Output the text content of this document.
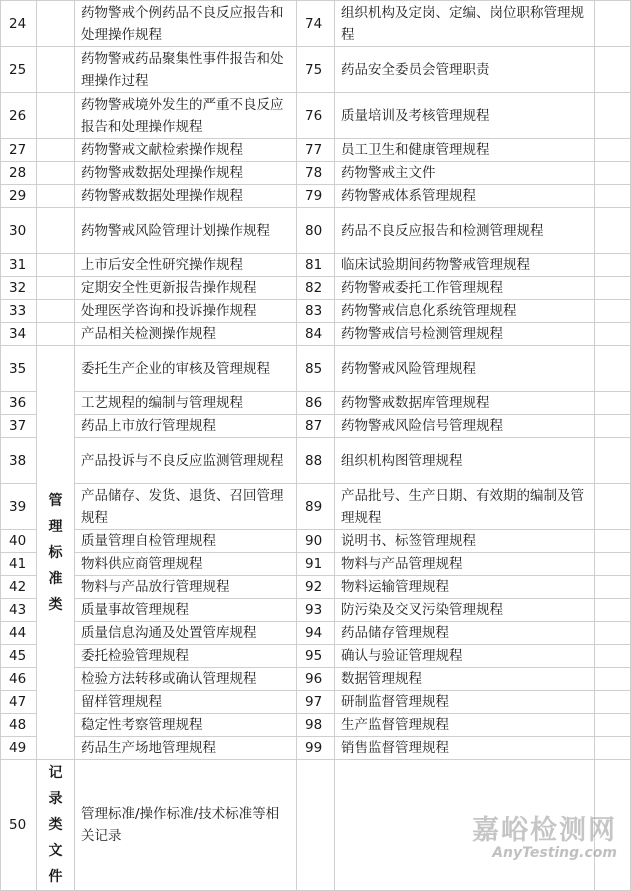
24		药物警戒个例药品不良反应报告和处理操作规程	74	组织机构及定岗、定编、岗位职称管理规程	
25		药物警戒药品聚集性事件报告和处理操作过程	75	药品安全委员会管理职责	
26		药物警戒境外发生的严重不良反应报告和处理操作规程	76	质量培训及考核管理规程	
27		药物警戒文献检索操作规程	77	员工卫生和健康管理规程	
28		药物警戒数据处理操作规程	78	药物警戒主文件	
29		药物警戒数据处理操作规程	79	药物警戒体系管理规程	
30		药物警戒风险管理计划操作规程	80	药品不良反应报告和检测管理规程	
31		上市后安全性研究操作规程	81	临床试验期间药物警戒管理规程	
32		定期安全性更新报告操作规程	82	药物警戒委托工作管理规程	
33		处理医学咨询和投诉操作规程	83	药物警戒信息化系统管理规程	
34		产品相关检测操作规程	84	药物警戒信号检测管理规程	
35	管理标准类	委托生产企业的审核及管理规程	85	药物警戒风险管理规程	
36		工艺规程的编制与管理规程	86	药物警戒数据库管理规程	
37		药品上市放行管理规程	87	药物警戒风险信号管理规程	
38		产品投诉与不良反应监测管理规程	88	组织机构图管理规程	
39		产品储存、发货、退货、召回管理规程	89	产品批号、生产日期、有效期的编制及管理规程	
40		质量管理自检管理规程	90	说明书、标签管理规程	
41		物料供应商管理规程	91	物料与产品管理规程	
42		物料与产品放行管理规程	92	物料运输管理规程	
43		质量事故管理规程	93	防污染及交叉污染管理规程	
44		质量信息沟通及处置管库规程	94	药品储存管理规程	
45		委托检验管理规程	95	确认与验证管理规程	
46		检验方法转移或确认管理规程	96	数据管理规程	
47		留样管理规程	97	研制监督管理规程	
48		稳定性考察管理规程	98	生产监督管理规程	
49		药品生产场地管理规程	99	销售监督管理规程	
50	记录类文件	管理标准/操作标准/技术标准等相关记录				嘉峪检测网
AnyTesting.com
